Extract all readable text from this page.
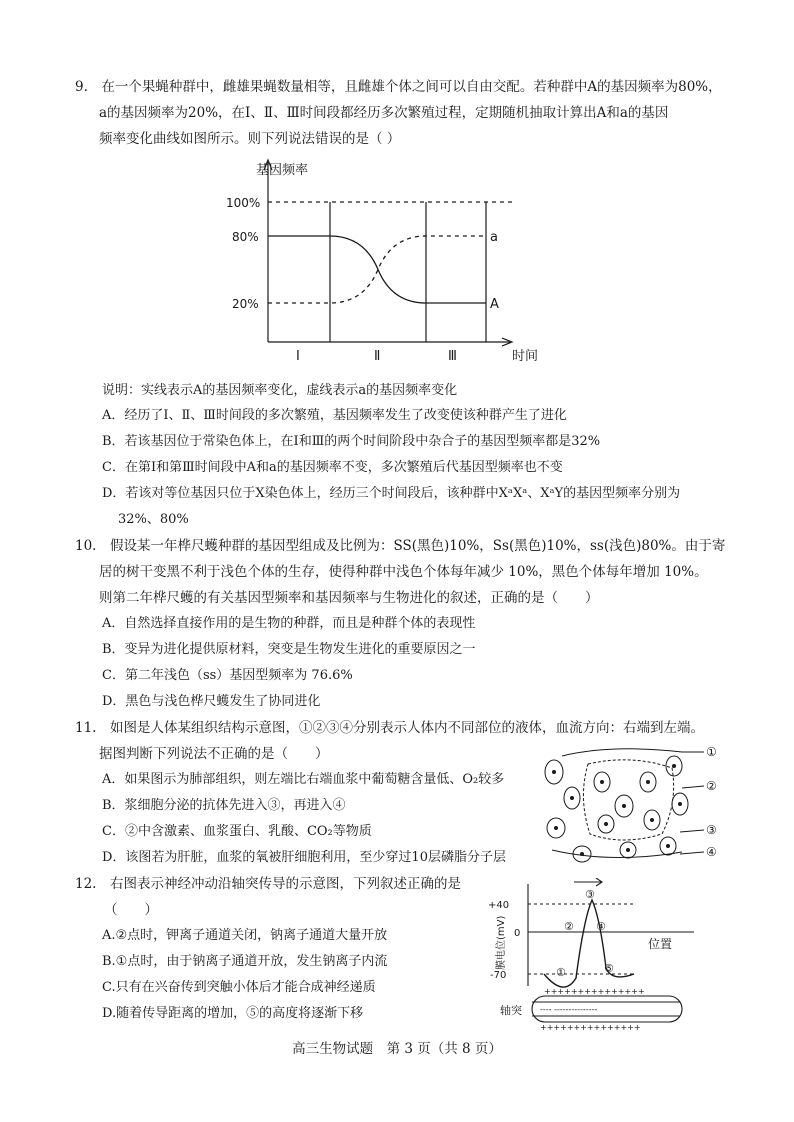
9.　在一个果蝇种群中，雌雄果蝇数量相等，且雌雄个体之间可以自由交配。若种群中A的基因频率为80%，
a的基因频率为20%，在Ⅰ、Ⅱ、Ⅲ时间段都经历多次繁殖过程，定期随机抽取计算出A和a的基因
频率变化曲线如图所示。则下列说法错误的是（ ）
基因频率
100%
80%
20%
Ⅰ	Ⅱ	Ⅲ	时间
a
A
说明：实线表示A的基因频率变化，虚线表示a的基因频率变化
A．经历了Ⅰ、Ⅱ、Ⅲ时间段的多次繁殖，基因频率发生了改变使该种群产生了进化
B．若该基因位于常染色体上，在Ⅰ和Ⅲ的两个时间阶段中杂合子的基因型频率都是32%
C．在第Ⅰ和第Ⅲ时间段中A和a的基因频率不变，多次繁殖后代基因型频率也不变
D．若该对等位基因只位于X染色体上，经历三个时间段后，该种群中XᵃXᵃ、XᵃY的基因型频率分别为
32%、80%
10.　假设某一年桦尺蠖种群的基因型组成及比例为：SS(黑色)10%，Ss(黑色)10%，ss(浅色)80%。由于寄
居的树干变黑不利于浅色个体的生存，使得种群中浅色个体每年减少 10%，黑色个体每年增加 10%。
则第二年桦尺蠖的有关基因型频率和基因频率与生物进化的叙述，正确的是（　　）
A．自然选择直接作用的是生物的种群，而且是种群个体的表现性
B．变异为进化提供原材料，突变是生物发生进化的重要原因之一
C．第二年浅色（ss）基因型频率为 76.6%
D．黑色与浅色桦尺蠖发生了协同进化
11.　如图是人体某组织结构示意图，①②③④分别表示人体内不同部位的液体，血流方向：右端到左端。
据图判断下列说法不正确的是（　　）
A．如果图示为肺部组织，则左端比右端血浆中葡萄糖含量低、O₂较多
B．浆细胞分泌的抗体先进入③，再进入④
C．②中含激素、血浆蛋白、乳酸、CO₂等物质
D．该图若为肝脏，血浆的氧被肝细胞利用，至少穿过10层磷脂分子层
①
②
③
④
12.　右图表示神经冲动沿轴突传导的示意图，下列叙述正确的是
（　　）
A.②点时，钾离子通道关闭，钠离子通道大量开放
B.①点时，由于钠离子通道开放，发生钠离子内流
C.只有在兴奋传到突触小体后才能合成神经递质
D.随着传导距离的增加，⑤的高度将逐渐下移
+40
0
-70
膜电位(mV)	位置
轴突
①
②
③
④
⑤
+++++++++++++++
---- ---------------
+++++++++++++++
高三生物试题　第 3 页（共 8 页）
